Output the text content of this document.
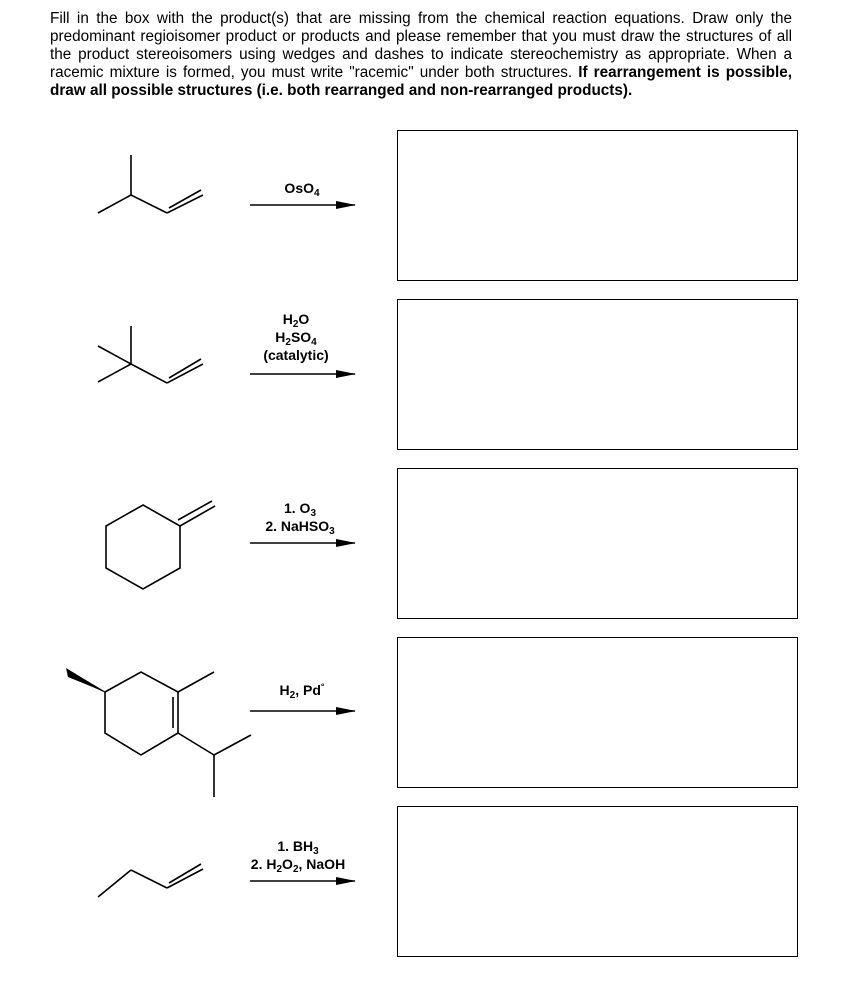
Fill in the box with the product(s) that are missing from the chemical reaction equations. Draw only the predominant regioisomer product or products and please remember that you must draw the structures of all the product stereoisomers using wedges and dashes to indicate stereochemistry as appropriate. When a racemic mixture is formed, you must write "racemic" under both structures. If rearrangement is possible, draw all possible structures (i.e. both rearranged and non-rearranged products).
OsO$_4$
$H_2O$
$H_2SO_4$
(catalytic)
1. $O_3$
2. NaHSO$_3$
$H_2$, Pd°
1. $BH_3$
2. $H_2O_2$, NaOH
